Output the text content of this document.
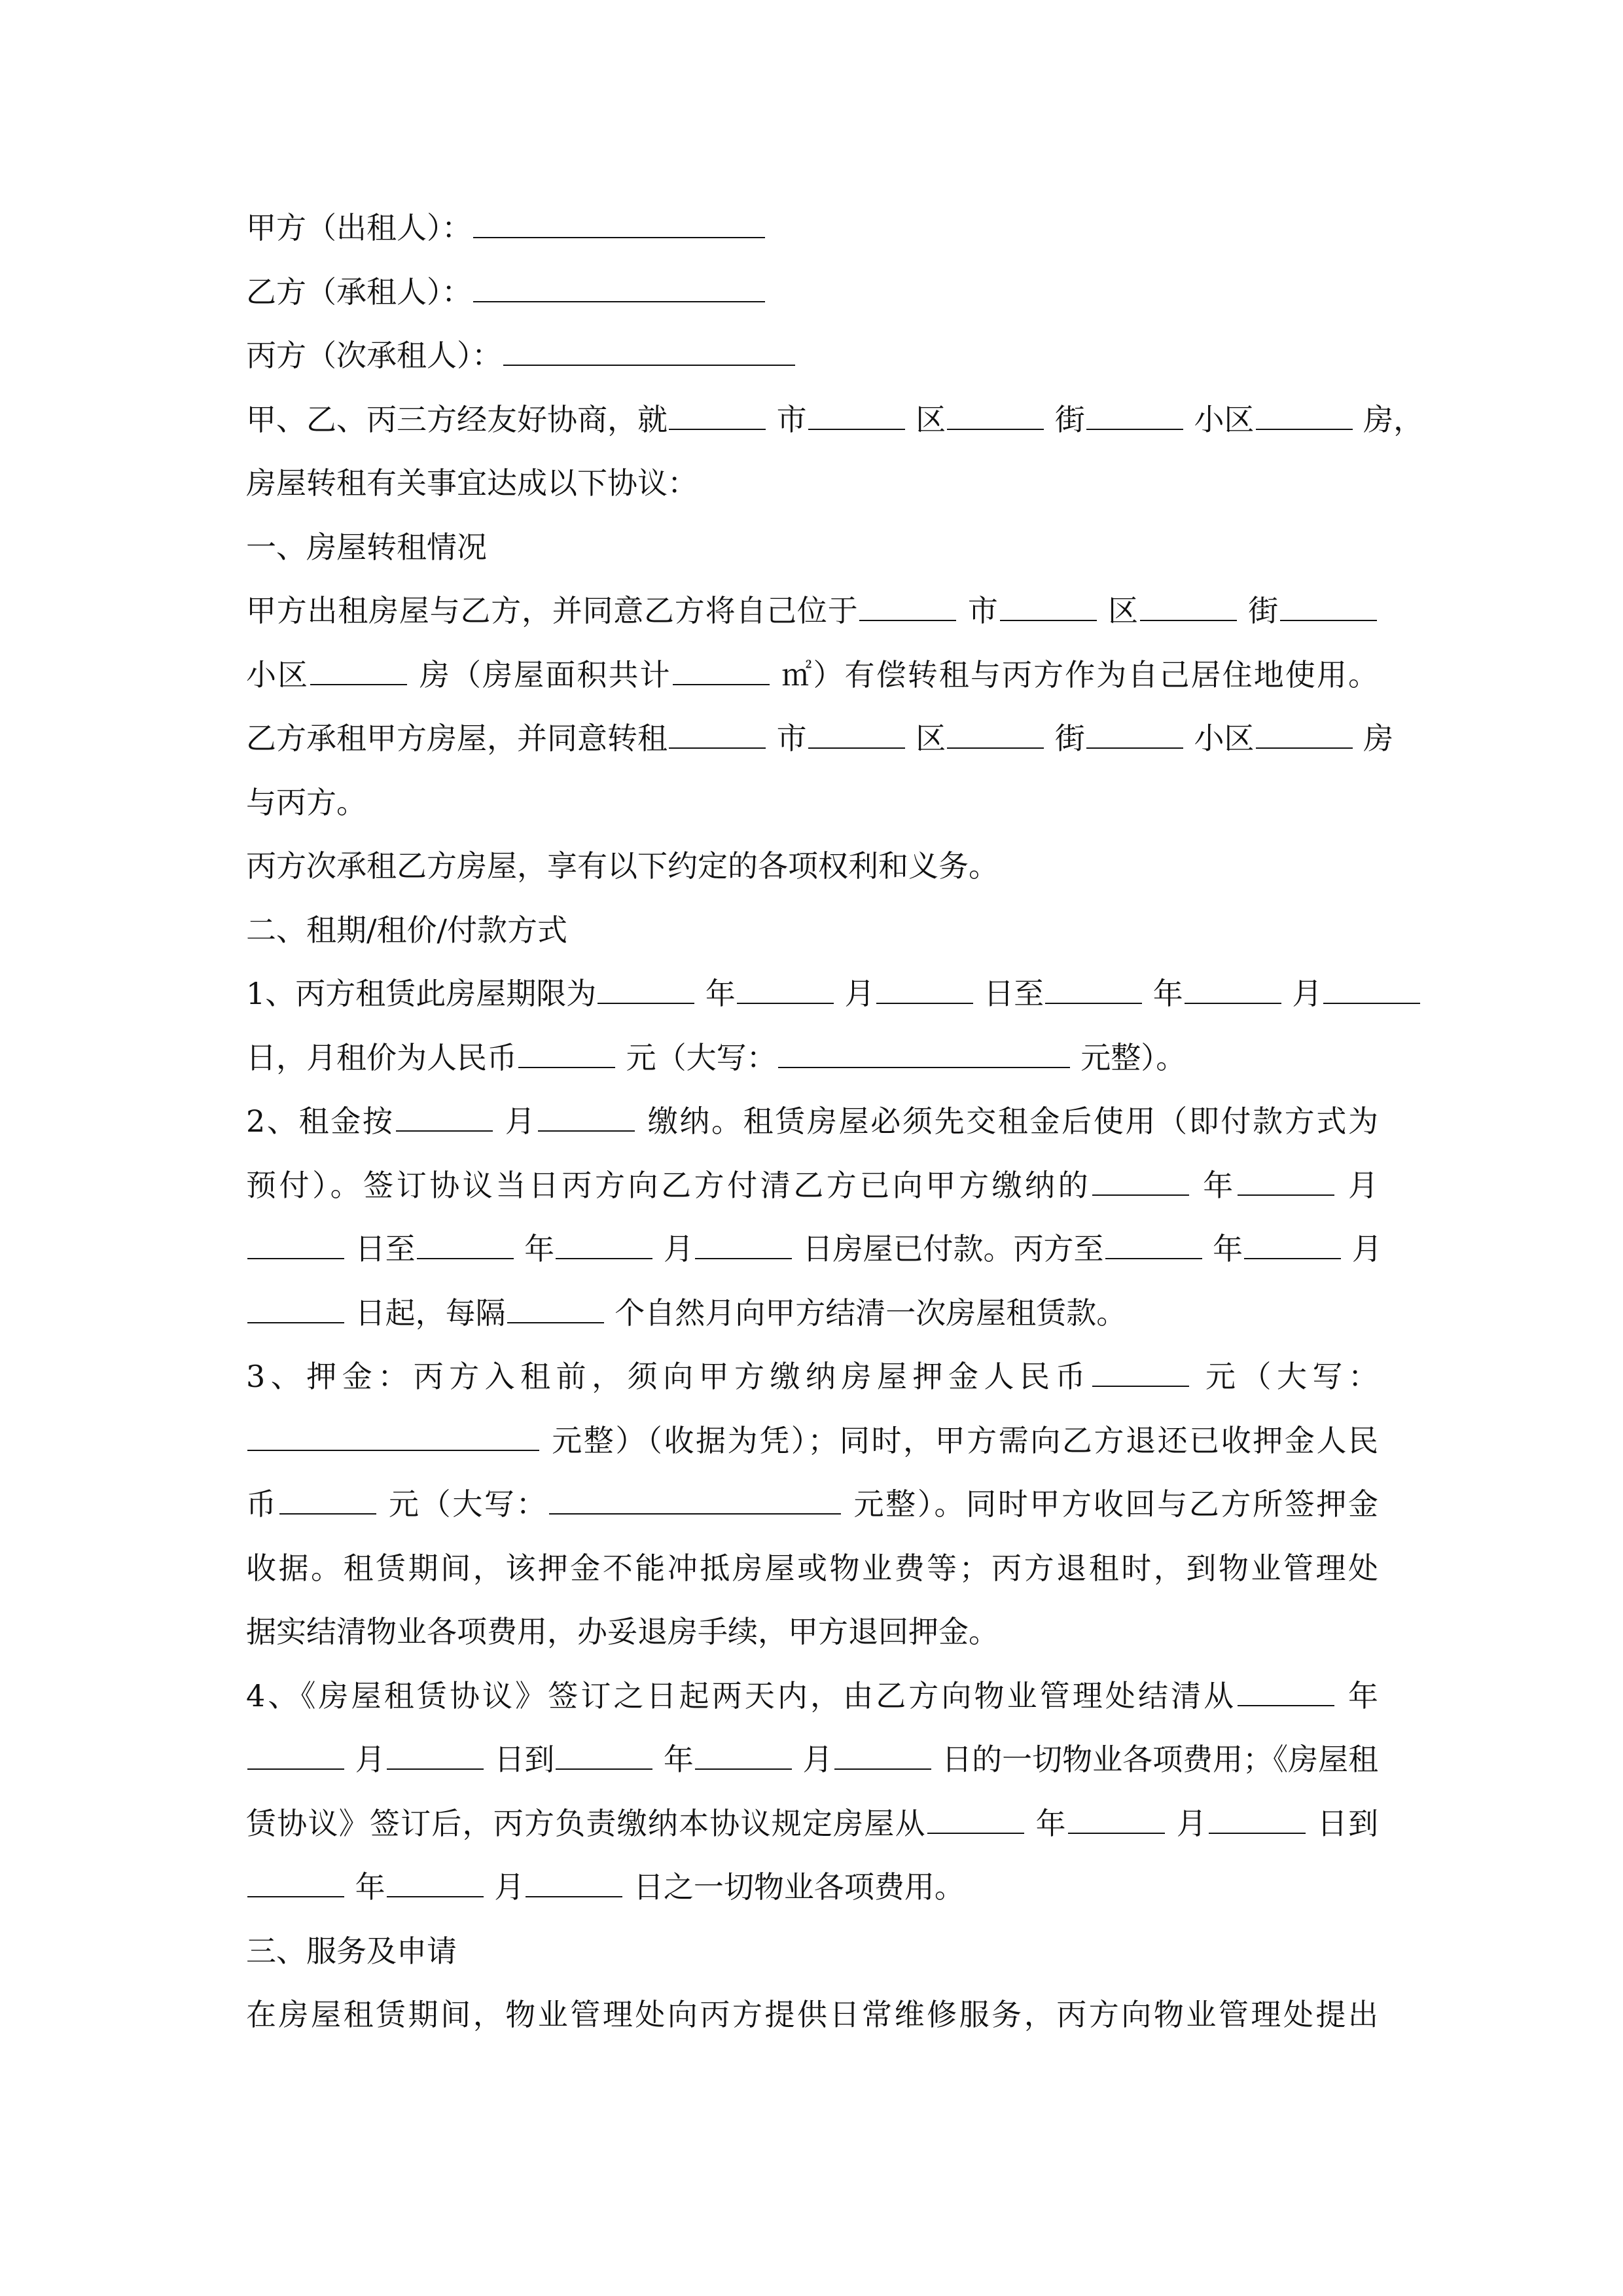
甲方（出租人）：
乙方（承租人）：
丙方（次承租人）：
甲、乙、丙三方经友好协商，就	市	区	街	小区	房，
房屋转租有关事宜达成以下协议：
一、房屋转租情况
甲方出租房屋与乙方，并同意乙方将自己位于	市	区	街
小区	房（房屋面积共计	㎡）有偿转租与丙方作为自己居住地使用。
乙方承租甲方房屋，并同意转租	市	区	街	小区	房
与丙方。
丙方次承租乙方房屋，享有以下约定的各项权利和义务。
二、租期/租价/付款方式
1、丙方租赁此房屋期限为	年	月	日至	年	月
日，月租价为人民币	元（大写：	元整）。
2、租金按	月	缴纳。租赁房屋必须先交租金后使用（即付款方式为
预付）。签订协议当日丙方向乙方付清乙方已向甲方缴纳的	年	月
日至	年	月	日房屋已付款。丙方至	年	月
日起，每隔	个自然月向甲方结清一次房屋租赁款。
3、押金：丙方入租前，须向甲方缴纳房屋押金人民币	元（大写：
元整）（收据为凭）；同时，甲方需向乙方退还已收押金人民
币	元（大写：	元整）。同时甲方收回与乙方所签押金
收据。租赁期间，该押金不能冲抵房屋或物业费等；丙方退租时，到物业管理处
据实结清物业各项费用，办妥退房手续，甲方退回押金。
4、《房屋租赁协议》签订之日起两天内，由乙方向物业管理处结清从	年
月	日到	年	月	日的一切物业各项费用；《房屋租
赁协议》签订后，丙方负责缴纳本协议规定房屋从	年	月	日到
年	月	日之一切物业各项费用。
三、服务及申请
在房屋租赁期间，物业管理处向丙方提供日常维修服务，丙方向物业管理处提出
